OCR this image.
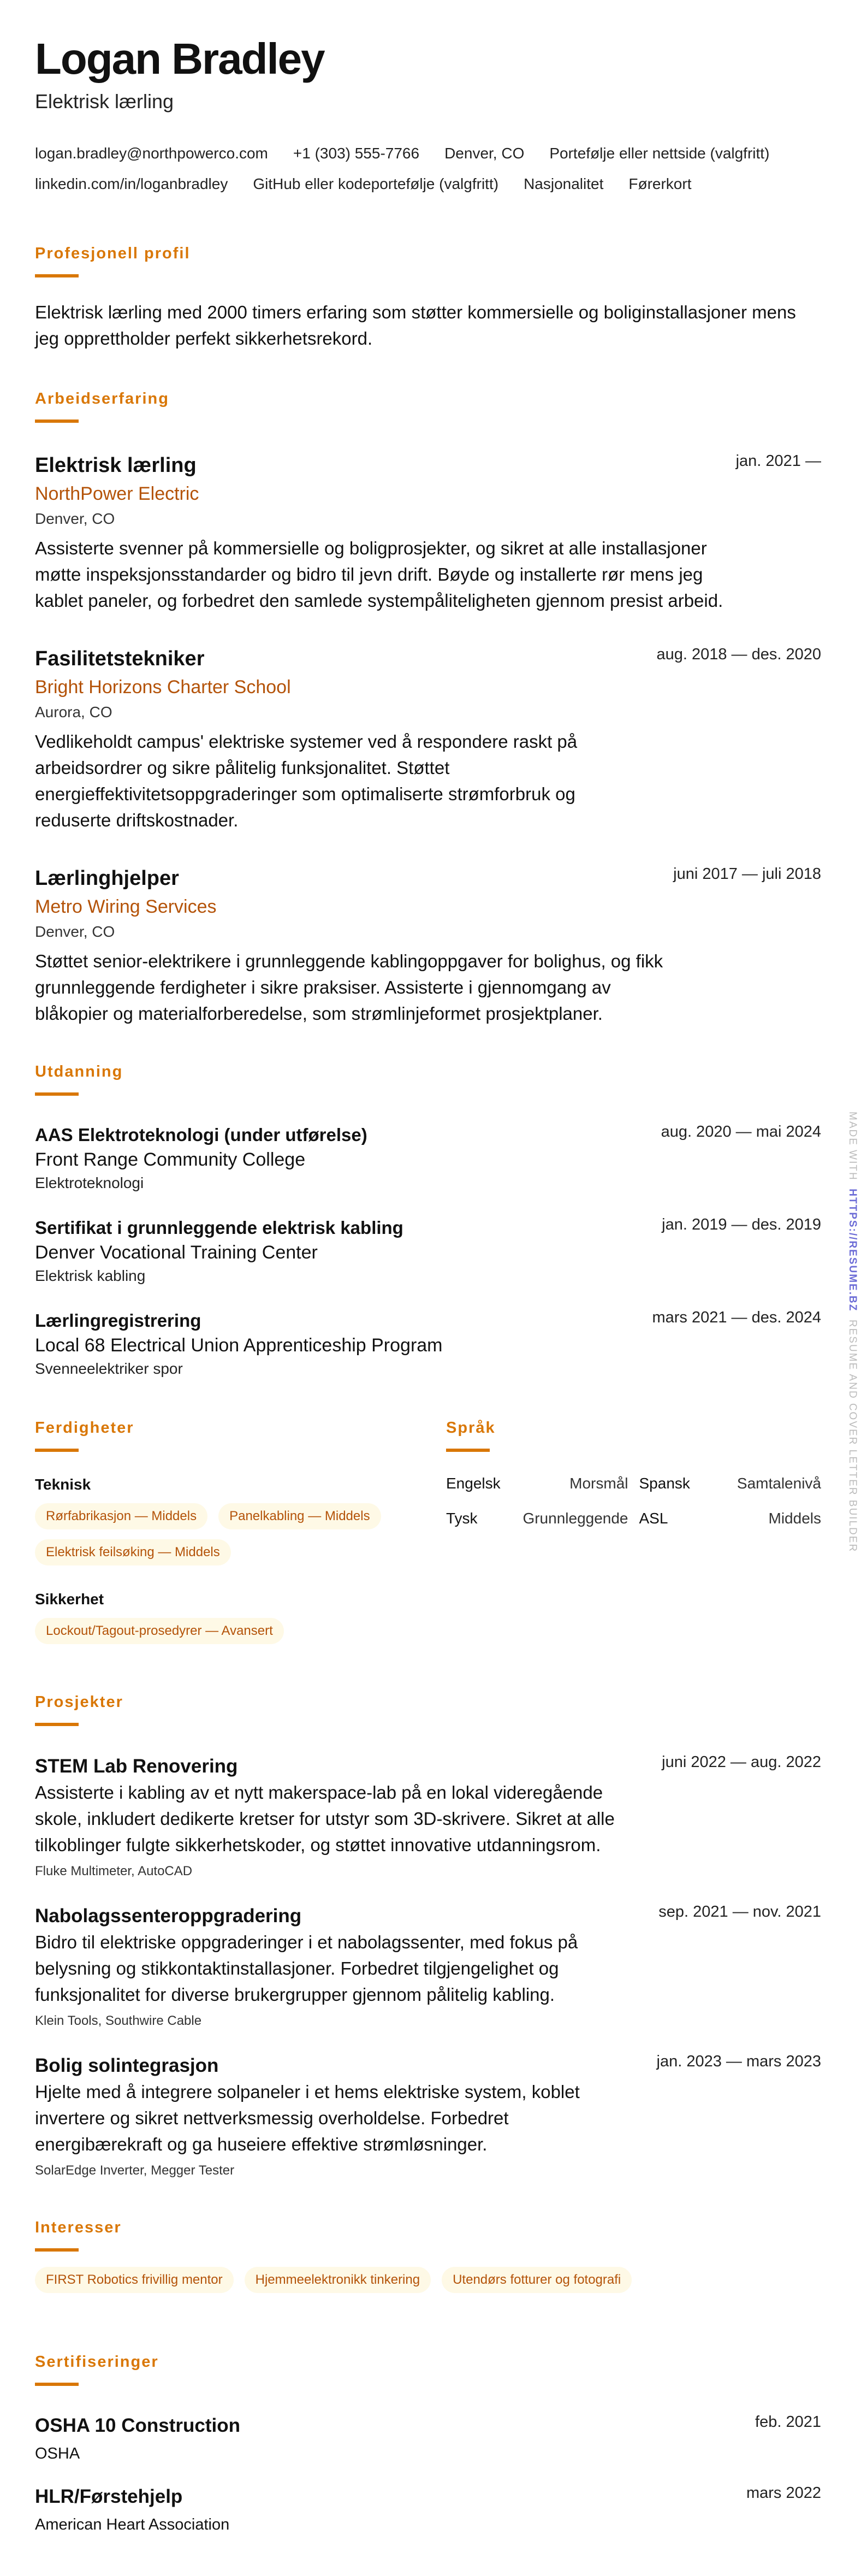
Logan Bradley
Elektrisk lærling
logan.bradley@northpowerco.com +1 (303) 555-7766 Denver, CO Portefølje eller nettside (valgfritt)
linkedin.com/in/loganbradley GitHub eller kodeportefølje (valgfritt) Nasjonalitet Førerkort
Profesjonell profil

Elektrisk lærling med 2000 timers erfaring som støtter kommersielle og boliginstallasjoner mens jeg opprettholder perfekt sikkerhetsrekord.

Arbeidserfaring
jan. 2021 —
Elektrisk lærling
NorthPower Electric
Denver, CO

Assisterte svenner på kommersielle og boligprosjekter, og sikret at alle installasjoner møtte inspeksjonsstandarder og bidro til jevn drift. Bøyde og installerte rør mens jeg kablet paneler, og forbedret den samlede systempåliteligheten gjennom presist arbeid.

aug. 2018 — des. 2020
Fasilitetstekniker
Bright Horizons Charter School
Aurora, CO

Vedlikeholdt campus' elektriske systemer ved å respondere raskt på arbeidsordrer og sikre pålitelig funksjonalitet. Støttet energieffektivitetsoppgraderinger som optimaliserte strømforbruk og reduserte driftskostnader.

juni 2017 — juli 2018
Lærlinghjelper
Metro Wiring Services
Denver, CO

Støttet senior-elektrikere i grunnleggende kablingoppgaver for bolighus, og fikk grunnleggende ferdigheter i sikre praksiser. Assisterte i gjennomgang av blåkopier og materialforberedelse, som strømlinjeformet prosjektplaner.

Utdanning
aug. 2020 — mai 2024
AAS Elektroteknologi (under utførelse)
Front Range Community College
Elektroteknologi
jan. 2019 — des. 2019
Sertifikat i grunnleggende elektrisk kabling
Denver Vocational Training Center
Elektrisk kabling
mars 2021 — des. 2024
Lærlingregistrering
Local 68 Electrical Union Apprenticeship Program
Svenneelektriker spor
Ferdigheter
Teknisk
Rørfabrikasjon — Middels	Panelkabling — Middels
Elektrisk feilsøking — Middels
Sikkerhet
Lockout/Tagout-prosedyrer — Avansert
Språk
Engelsk	Morsmål Spansk	Samtalenivå
Tysk	Grunnleggende ASL	Middels
Prosjekter
juni 2022 — aug. 2022
STEM Lab Renovering

Assisterte i kabling av et nytt makerspace-lab på en lokal videregående skole, inkludert dedikerte kretser for utstyr som 3D-skrivere. Sikret at alle tilkoblinger fulgte sikkerhetskoder, og støttet innovative utdanningsrom.

Fluke Multimeter, AutoCAD
sep. 2021 — nov. 2021
Nabolagssenteroppgradering

Bidro til elektriske oppgraderinger i et nabolagssenter, med fokus på belysning og stikkontaktinstallasjoner. Forbedret tilgjengelighet og funksjonalitet for diverse brukergrupper gjennom pålitelig kabling.

Klein Tools, Southwire Cable
jan. 2023 — mars 2023
Bolig solintegrasjon

Hjelte med å integrere solpaneler i et hems elektriske system, koblet invertere og sikret nettverksmessig overholdelse. Forbedret energibærekraft og ga huseiere effektive strømløsninger.

SolarEdge Inverter, Megger Tester
Interesser
FIRST Robotics frivillig mentor	Hjemmeelektronikk tinkering	Utendørs fotturer og fotografi
Sertifiseringer
feb. 2021
OSHA 10 Construction
OSHA
mars 2022
HLR/Førstehjelp
American Heart Association
MADE WITH  HTTPS://RESUME.BZ  RESUME AND COVER LETTER BUILDER
